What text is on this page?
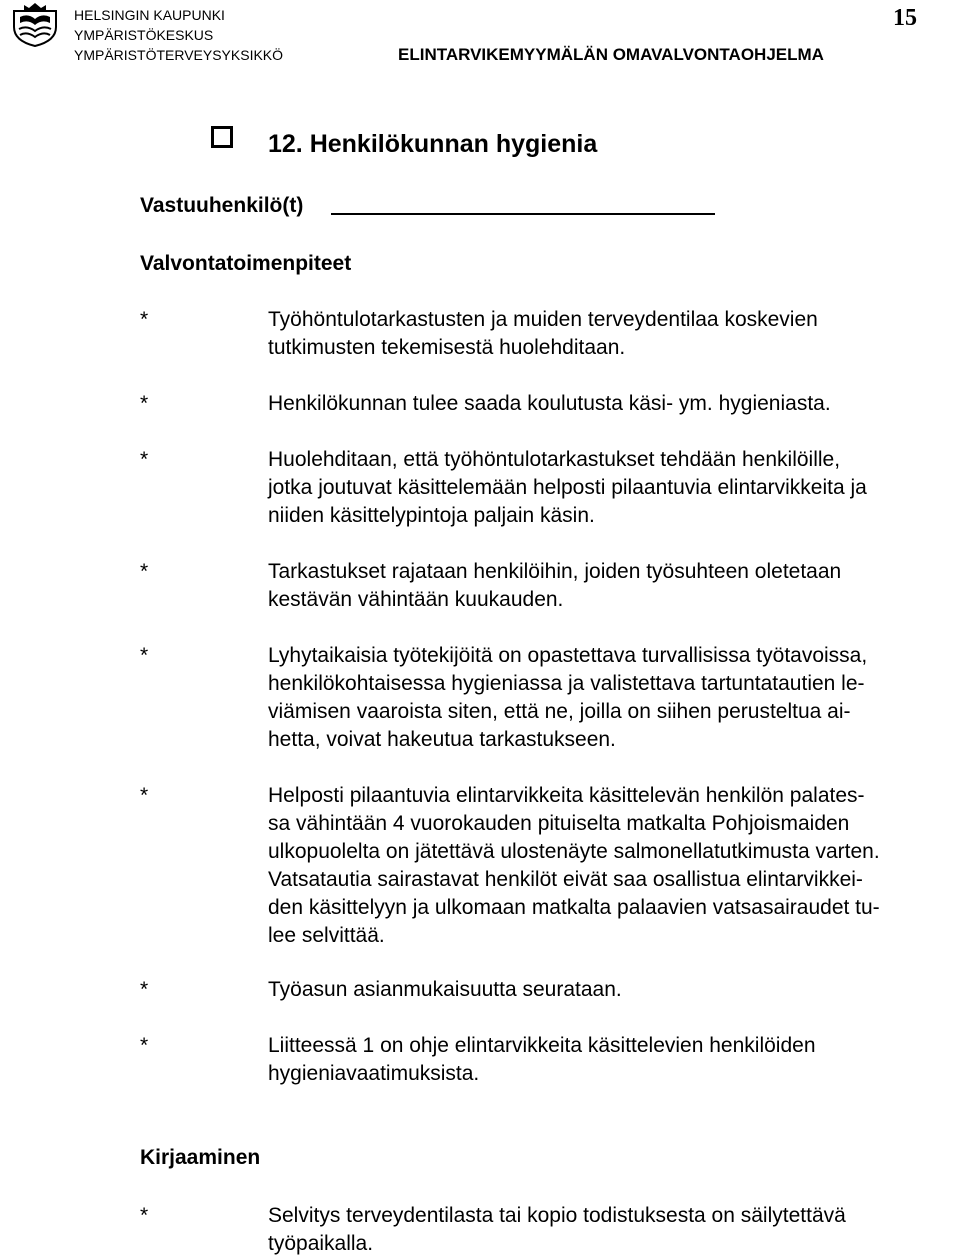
HELSINGIN KAUPUNKI
YMPÄRISTÖKESKUS
YMPÄRISTÖTERVEYSYKSIKKÖ	ELINTARVIKEMYYMÄLÄN OMAVALVONTAOHJELMA
15
12. Henkilökunnan hygienia
Vastuuhenkilö(t)
Valvontatoimenpiteet
*	Työhöntulotarkastusten ja muiden terveydentilaa koskevien
tutkimusten tekemisestä huolehditaan.
*	Henkilökunnan tulee saada koulutusta käsi- ym. hygieniasta.
*	Huolehditaan, että työhöntulotarkastukset tehdään henkilöille,
jotka joutuvat käsittelemään helposti pilaantuvia elintarvikkeita ja
niiden käsittelypintoja paljain käsin.
*	Tarkastukset rajataan henkilöihin, joiden työsuhteen oletetaan
kestävän vähintään kuukauden.
*	Lyhytaikaisia työtekijöitä on opastettava turvallisissa työtavoissa,
henkilökohtaisessa hygieniassa ja valistettava tartuntatautien le-
viämisen vaaroista siten, että ne, joilla on siihen perusteltua ai-
hetta, voivat hakeutua tarkastukseen.
*	Helposti pilaantuvia elintarvikkeita käsittelevän henkilön palates-
sa vähintään 4 vuorokauden pituiselta matkalta Pohjoismaiden
ulkopuolelta on jätettävä ulostenäyte salmonellatutkimusta varten.
Vatsatautia sairastavat henkilöt eivät saa osallistua elintarvikkei-
den käsittelyyn ja ulkomaan matkalta palaavien vatsasairaudet tu-
lee selvittää.
*	Työasun asianmukaisuutta seurataan.
*	Liitteessä 1 on ohje elintarvikkeita käsittelevien henkilöiden
hygieniavaatimuksista.
Kirjaaminen
*	Selvitys terveydentilasta tai kopio todistuksesta on säilytettävä
työpaikalla.
